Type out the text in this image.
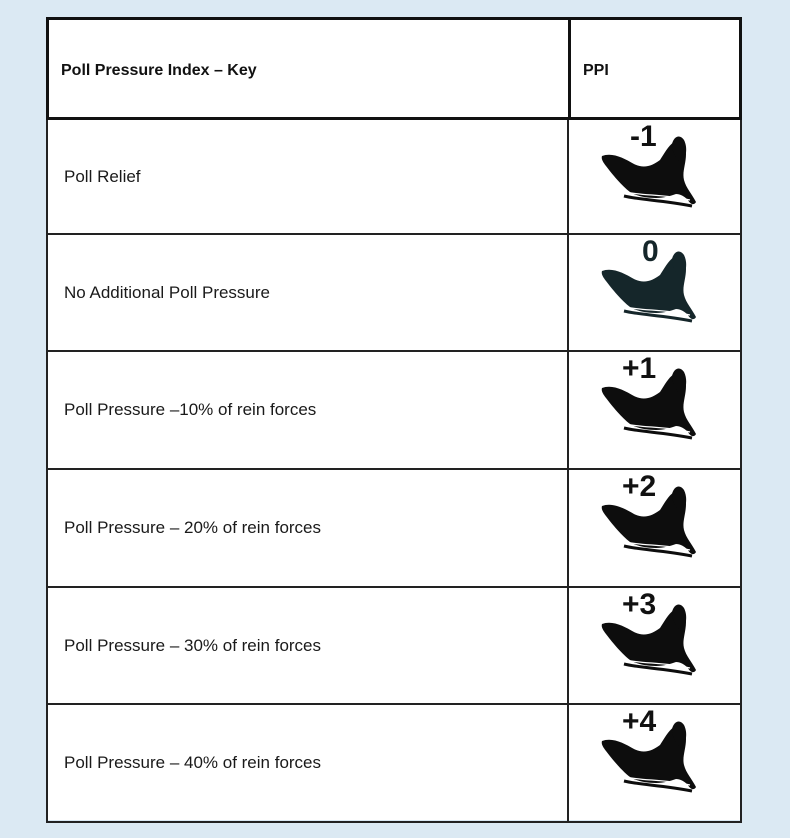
Poll Pressure Index – Key	PPI
Poll Relief
-1
No Additional Poll Pressure
0
Poll Pressure –10% of rein forces
+1
Poll Pressure – 20% of rein forces
+2
Poll Pressure – 30% of rein forces
+3
Poll Pressure – 40% of rein forces
+4
